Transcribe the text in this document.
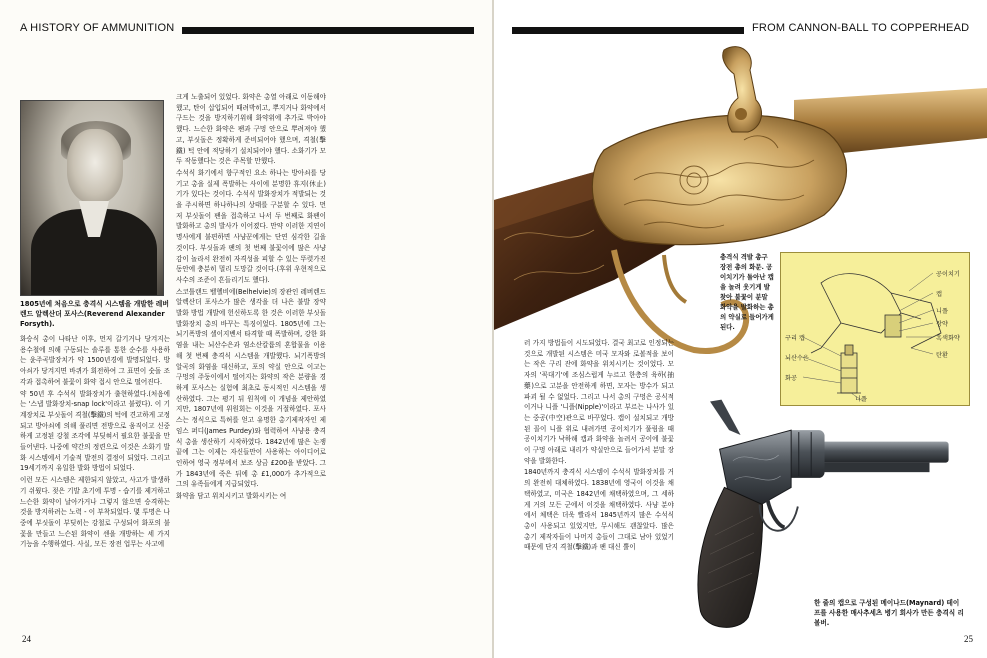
A HISTORY OF AMMUNITION
1805년에 처음으로 충격식 시스템을 개발한 레버렌드 알렉산더 포사스(Reverend Alexander Forsyth).

화승식 총이 나타난 이후, 먼저 갈기거나 당겨지는 용수철에 의해 구동되는 솔루를 통한 순수를 사용하는 윤주곡발장치가 약 1500년경에 발명되었다. 방아쇠가 당겨지면 바퀴가 회전하여 그 표면이 숫돌 조각과 접촉하여 불꽃이 화약 접시 안으로 떨어진다.

약 50년 후 수석식 발화장치가 출현하였다.(처음에는 '스냅 발화장치-snap lock'이라고 불렸다). 이 기계장치로 부싯돌이 격철(擊鐵)의 턱에 견고하게 고정되고 방아쇠에 의해 풀리면 전방으로 움직이고 신중하게 고정된 강철 조각에 부딪혀서 필요한 불꽃을 만들어낸다. 나중에 약간의 정련으로 이것은 소화기 발화 시스템에서 기술적 발전의 결정이 되었다. 그리고 19세기까지 유일한 발화 방법이 되었다.

이런 모든 시스템은 제한되지 않았고, 사고가 발생하기 쉬웠다. 젖은 기발 초기에 투명 - 습기를 제거하고 느슨한 화약이 날아가거나 그렇지 않으면 승격하는 것을 방지하려는 노력 - 이 부착되었다. 몇 투명은 나중에 부싯돌이 부딪히는 강철로 구성되어 화포의 불꽃을 만들고 느슨된 화약이 센을 개방하는 세 가지 기능을 수행하였다. 사실, 모든 장전 업무는 사고에

크게 노출되어 있었다. 화약은 총열 아래로 이동해야 했고, 탄이 삽입되어 때려박히고, 뿌지거나 화약에서 구드는 것을 방지하기위해 화약위에 추가로 박아야 했다. 느슨한 화약은 팬과 구멍 안으로 뿌려져야 했고, 부싯돌은 정확하게 준비되어야 했으며, 격철(擊鐵) 턱 안에 적당하기 설치되어야 했다. 소화기가 모두 작동했다는 것은 주목할 만했다.

수석식 화기에서 향구적인 요소 하나는 방아쇠를 당기고 총을 실제 폭발하는 사이에 분명한 휴지(休止)기가 있다는 것이다. 수석식 발화장치가 적발되는 것을 주시하면 하나하나의 상태를 구분할 수 있다. 먼저 부싯돌이 팬을 접촉하고 나서 두 번째로 화팬이 발화하고 총의 발사가 이어졌다. 만약 이러한 지연이 명사에게 불편하면 사냥꾼에게는 단연 심각한 길을 것이다. 부싯돌과 팬의 첫 번째 불꽃이에 많은 사냥감이 놀라서 완전히 자격성을 피할 수 있는 뚜렷가진 동안에 충분히 멀리 도망갈 것이다.(후위 우현적으로 사수의 조준이 흔들리기도 했다).

스코틀랜드 벨헬비에(Belhelvie)의 장관인 레버렌드 알렉산더 포사스가 많은 생각을 더 나은 불발 장약 발화 방법 개발에 헌신하도록 한 것은 이러한 부싯돌 발화장치 총의 바꾸는 특징이었다. 1805년에 그는 뇌기폭방의 셀이지벤서 타격할 때 폭발하며, 강한 화염을 내는 뇌산수은과 염소산칼륨의 혼합물을 이용해 첫 번째 충격식 시스템을 개발했다. 뇌기폭방의 알곡의 화염을 대신하고, 포의 약실 안으로 이고는 구멍의 주둥이에서 떨어지는 화약의 작은 분량을 경하게 포사스는 실험에 최초로 동시적인 시스템을 생산하였다. 그는 평기 뒤 원칙에 이 개념을 제안하였지만, 1807년에 위원회는 이것을 거절하였다. 포사스는 정식으로 특허를 얻고 유명한 총기제작자인 제임스 퍼디(James Purdey)와 협력하여 사냥용 충격식 총을 생산하기 시작하였다. 1842년에 많은 논쟁 끝에 그는 이제는 자신들만이 사용하는 아이디어로 인하여 영국 정부에서 보조 상금 £200을 받았다. 그가 1843년에 죽은 뒤에 총 £1,000가 추가적으로 그의 유족들에게 지급되었다.

화약을 담고 위치시키고 발화시키는 여

24
FROM CANNON-BALL TO COPPERHEAD
충격식 격발 총구 장전 총의 화문. 공이치기가 돌아난 캡을 놀려 웃기게 발찾아 불꽃이 분말 화약을 발화하는 총의 약실로 들어가게 된다.
공이치기
캡
니플
장약
흑색화약
탄환
구리 캡
뇌산수은
화공
니플

러 가지 방법들이 시도되었다. 결국 최고로 인정되는 것으로 개발된 시스템은 미국 모자와 로볼적을 보이는 작은 구리 잔에 화약을 위치시키는 것이었다. 모자의 '꼭대기'에 조심스럽게 누르고 한층의 육하(抽藥)으로 고분을 안전하게 하면, 모자는 방수가 되고 파괴 될 수 없었다. 그리고 나서 총의 구멍은 공식적이거나 니플 '니플(Nipple)'이라고 부르는 나사가 있는 중공(中空)관으로 바꾸었다. 캡이 설치되고 개방된 꼴이 니플 위로 내려가면 공이치기가 풀림을 때 공이치기가 낙하해 캡과 화약을 놀려서 공이에 불꽃이 구멍 아래로 내리가 약실안으로 들어가서 분말 장약을 발화한다.

1840년까지 충격식 시스템이 수석식 발화장치를 거의 완전히 대체하였다. 1838년에 영국이 이것을 채택하였고, 미국은 1842년에 채택하였으며, 그 세하게 거의 모든 군에서 이것을 채택하였다. 사냥 분야에서 체택은 더욱 빨라서 1845년까지 많은 수석식 총이 사용되고 있었지만, 무시해도 괜찮았다. 많은 총기 제작자들이 나머지 총들이 그대로 남아 있었기 때문에 단지 격철(擊鐵)과 팬 대신 뿔이

한 줄의 캡으로 구성된 메이나드(Maynard) 테이프를 사용한 매사추세츠 병기 회사가 만든 충격식 리볼버.
25
